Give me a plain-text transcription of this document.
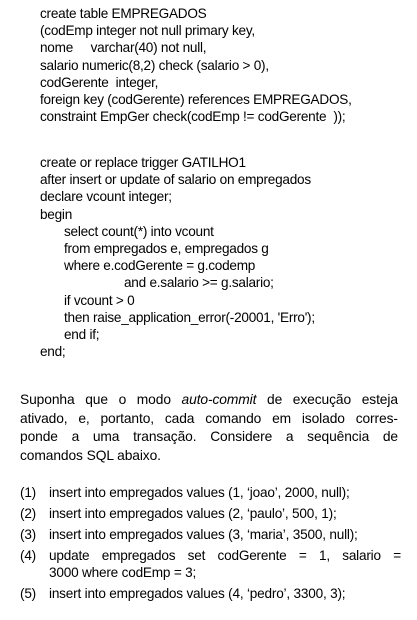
create table EMPREGADOS
(codEmp integer not null primary key,
nome     varchar(40) not null,
salario numeric(8,2) check (salario > 0),
codGerente  integer,
foreign key (codGerente) references EMPREGADOS,
constraint EmpGer check(codEmp != codGerente  ));
create or replace trigger GATILHO1
after insert or update of salario on empregados
declare vcount integer;
begin
select count(*) into vcount
from empregados e, empregados g
where e.codGerente = g.codemp
and e.salario >= g.salario;
if vcount > 0
then raise_application_error(-20001, 'Erro');
end if;
end;
Suponha que o modo auto-commit de execução esteja
ativado, e, portanto, cada comando em isolado corres-
ponde a uma transação. Considere a sequência de
comandos SQL abaixo.
(1) insert into empregados values (1, ‘joao’, 2000, null);
(2) insert into empregados values (2, ‘paulo’, 500, 1);
(3) insert into empregados values (3, ‘maria’, 3500, null);
(4) update empregados set codGerente = 1, salario =
3000 where codEmp = 3;
(5) insert into empregados values (4, ‘pedro’, 3300, 3);
